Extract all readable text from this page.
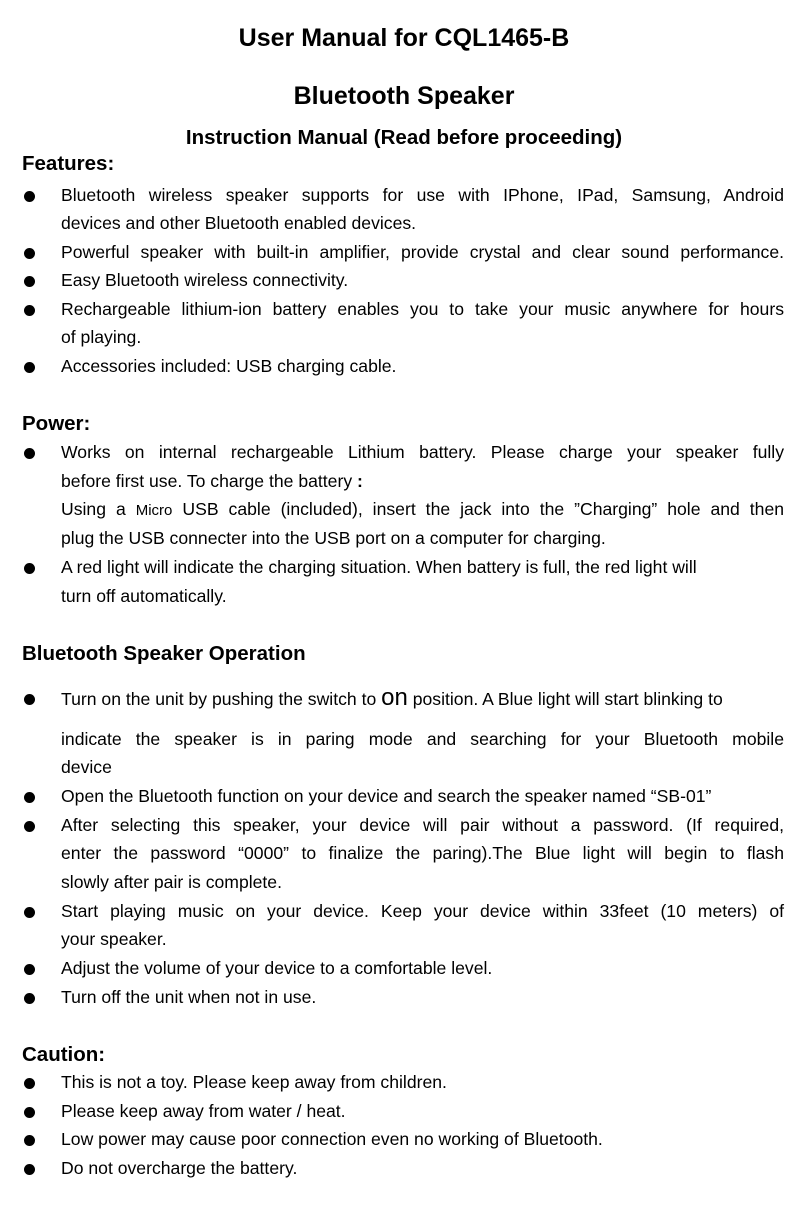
User Manual for CQL1465-B
Bluetooth Speaker
Instruction Manual (Read before proceeding)
Features:
Bluetooth wireless speaker supports for use with IPhone, IPad, Samsung, Android
devices and other Bluetooth enabled devices.
Powerful speaker with built-in amplifier, provide crystal and clear sound performance.
Easy Bluetooth wireless connectivity.
Rechargeable lithium-ion battery enables you to take your music anywhere for hours
of playing.
Accessories included: USB charging cable.
Power:
Works on internal rechargeable Lithium battery. Please charge your speaker fully
before first use. To charge the battery :
Using a Micro USB cable (included), insert the jack into the ”Charging” hole and then
plug the USB connecter into the USB port on a computer for charging.
A red light will indicate the charging situation. When battery is full, the red light will
turn off automatically.
Bluetooth Speaker Operation
Turn on the unit by pushing the switch to on position. A Blue light will start blinking to
indicate the speaker is in paring mode and searching for your Bluetooth mobile
device
Open the Bluetooth function on your device and search the speaker named “SB-01”
After selecting this speaker, your device will pair without a password. (If required,
enter the password “0000” to finalize the paring).The Blue light will begin to flash
slowly after pair is complete.
Start playing music on your device. Keep your device within 33feet (10 meters) of
your speaker.
Adjust the volume of your device to a comfortable level.
Turn off the unit when not in use.
Caution:
This is not a toy. Please keep away from children.
Please keep away from water / heat.
Low power may cause poor connection even no working of Bluetooth.
Do not overcharge the battery.
